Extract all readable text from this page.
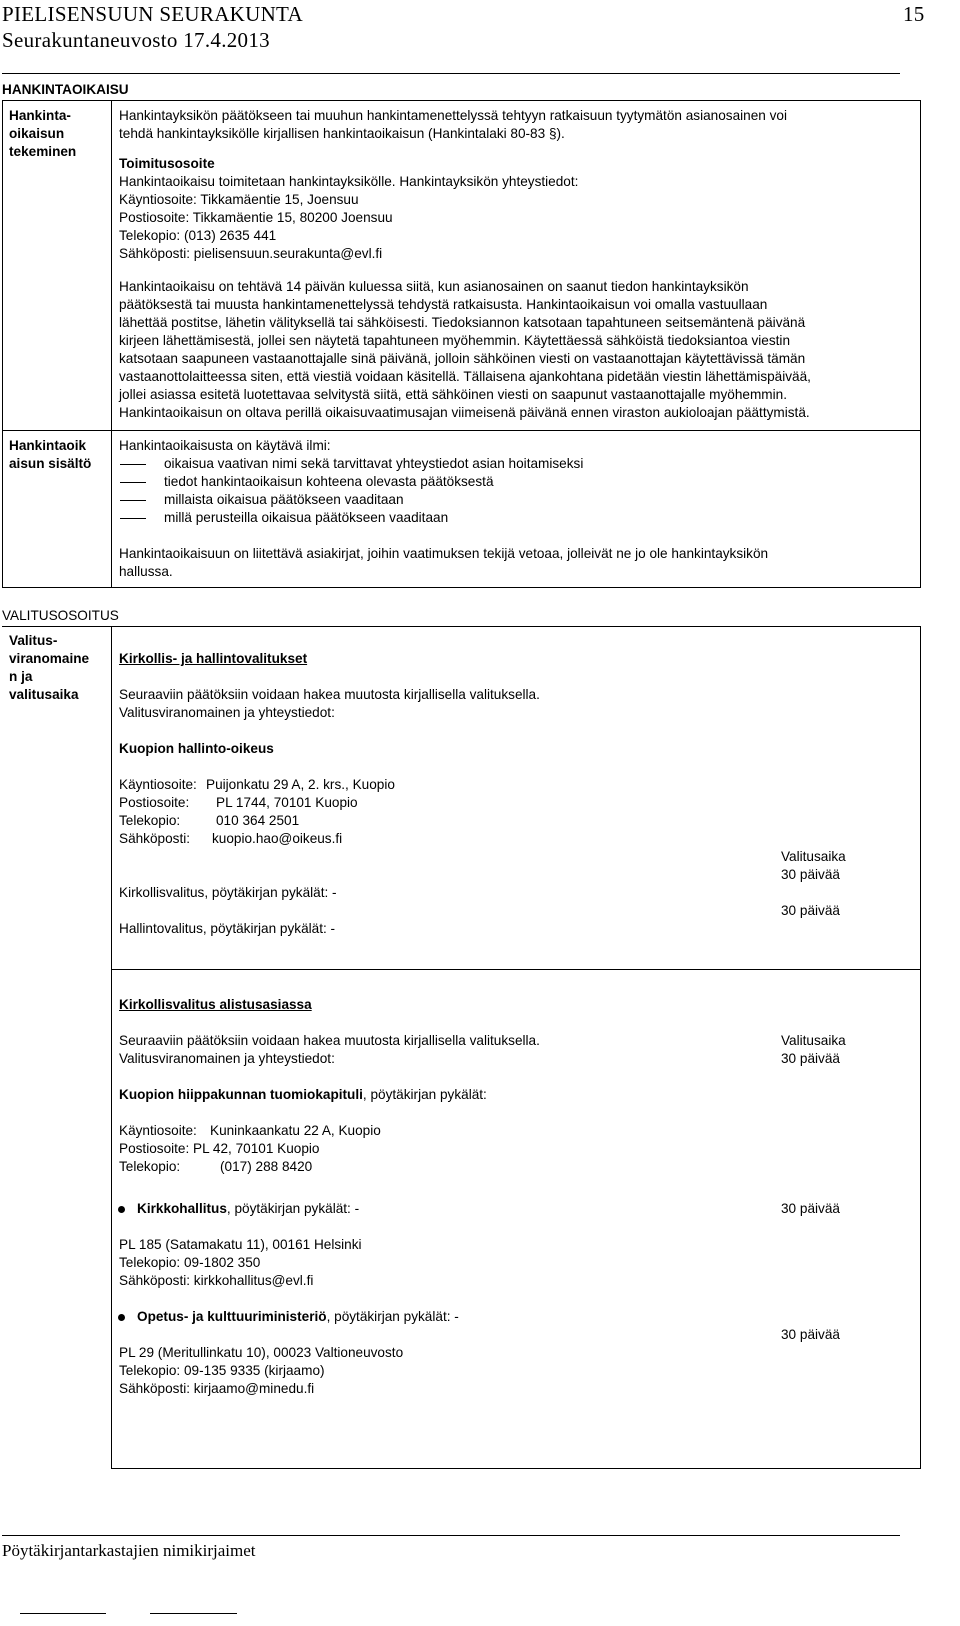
PIELISENSUUN SEURAKUNTA
Seurakuntaneuvosto 17.4.2013
15
HANKINTAOIKAISU
Hankinta-
oikaisun
tekeminen
Hankintayksikön päätökseen tai muuhun hankintamenettelyssä tehtyyn ratkaisuun tyytymätön asianosainen voi
tehdä hankintayksikölle kirjallisen hankintaoikaisun (Hankintalaki 80-83 §).
Toimitusosoite
Hankintaoikaisu toimitetaan hankintayksikölle. Hankintayksikön yhteystiedot:
Käyntiosoite: Tikkamäentie 15, Joensuu
Postiosoite: Tikkamäentie 15, 80200 Joensuu
Telekopio: (013) 2635 441
Sähköposti: pielisensuun.seurakunta@evl.fi
Hankintaoikaisu on tehtävä 14 päivän kuluessa siitä, kun asianosainen on saanut tiedon hankintayksikön
päätöksestä tai muusta hankintamenettelyssä tehdystä ratkaisusta. Hankintaoikaisun voi omalla vastuullaan
lähettää postitse, lähetin välityksellä tai sähköisesti. Tiedoksiannon katsotaan tapahtuneen seitsemäntenä päivänä
kirjeen lähettämisestä, jollei sen näytetä tapahtuneen myöhemmin. Käytettäessä sähköistä tiedoksiantoa viestin
katsotaan saapuneen vastaanottajalle sinä päivänä, jolloin sähköinen viesti on vastaanottajan käytettävissä tämän
vastaanottolaitteessa siten, että viestiä voidaan käsitellä. Tällaisena ajankohtana pidetään viestin lähettämispäivää,
jollei asiassa esitetä luotettavaa selvitystä siitä, että sähköinen viesti on saapunut vastaanottajalle myöhemmin.
Hankintaoikaisun on oltava perillä oikaisuvaatimusajan viimeisenä päivänä ennen viraston aukioloajan päättymistä.
Hankintaoik
aisun sisältö
Hankintaoikaisusta on käytävä ilmi:
oikaisua vaativan nimi sekä tarvittavat yhteystiedot asian hoitamiseksi
tiedot hankintaoikaisun kohteena olevasta päätöksestä
millaista oikaisua päätökseen vaaditaan
millä perusteilla oikaisua päätökseen vaaditaan
Hankintaoikaisuun on liitettävä asiakirjat, joihin vaatimuksen tekijä vetoaa, jolleivät ne jo ole hankintayksikön
hallussa.
VALITUSOSOITUS
Valitus-
viranomaine
n ja
valitusaika
Kirkollis- ja hallintovalitukset
Seuraaviin päätöksiin voidaan hakea muutosta kirjallisella valituksella.
Valitusviranomainen ja yhteystiedot:
Kuopion hallinto-oikeus
Käyntiosoite:
Postiosoite:
Telekopio:
Sähköposti:
Puijonkatu 29 A, 2. krs., Kuopio
PL 1744, 70101 Kuopio
010 364 2501
kuopio.hao@oikeus.fi
Valitusaika
30 päivää
Kirkollisvalitus, pöytäkirjan pykälät: -
30 päivää
Hallintovalitus, pöytäkirjan pykälät: -
Kirkollisvalitus alistusasiassa
Seuraaviin päätöksiin voidaan hakea muutosta kirjallisella valituksella.
Valitusviranomainen ja yhteystiedot:
Valitusaika
30 päivää
Kuopion hiippakunnan tuomiokapituli, pöytäkirjan pykälät:
Käyntiosoite:
Postiosoite:
Telekopio:
Kuninkaankatu 22 A, Kuopio
PL 42, 70101 Kuopio
(017) 288 8420
Kirkkohallitus, pöytäkirjan pykälät: -	30 päivää
PL 185 (Satamakatu 11), 00161 Helsinki
Telekopio: 09-1802 350
Sähköposti: kirkkohallitus@evl.fi
Opetus- ja kulttuuriministeriö, pöytäkirjan pykälät: -
30 päivää
PL 29 (Meritullinkatu 10), 00023 Valtioneuvosto
Telekopio: 09-135 9335 (kirjaamo)
Sähköposti: kirjaamo@minedu.fi
Pöytäkirjantarkastajien nimikirjaimet
